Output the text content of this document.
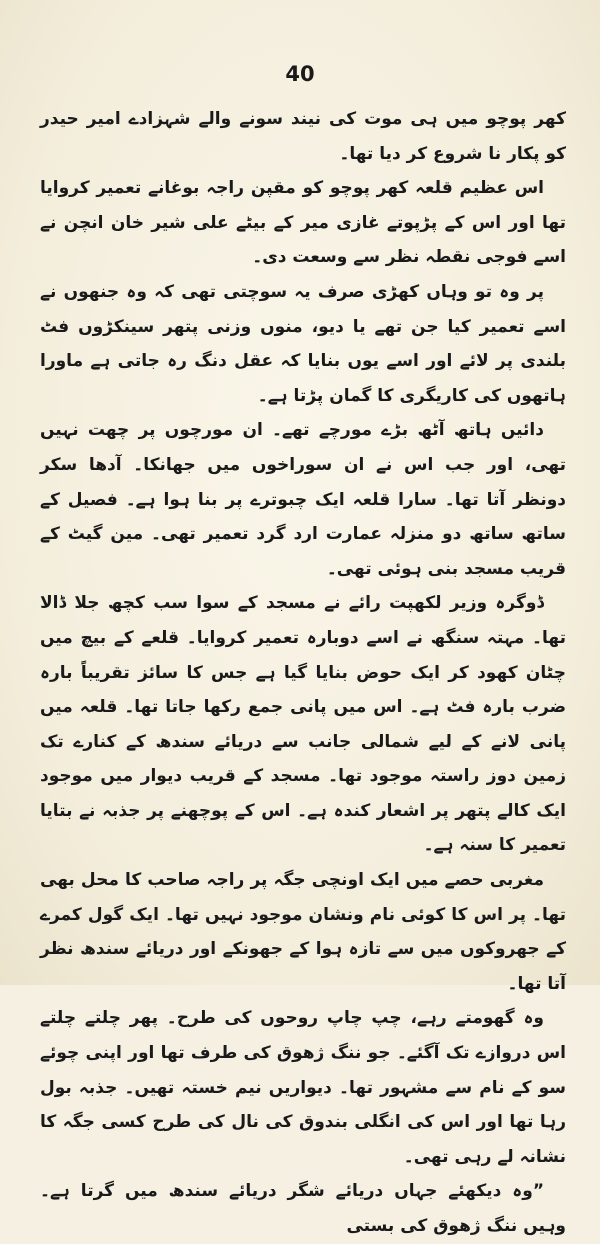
40

کھر پوچو میں ہی موت کی نیند سونے والے شہزادے امیر حیدر کو پکار نا شروع کر دیا تھا۔

اس عظیم قلعہ کھر پوچو کو مقپن راجہ بوغانے تعمیر کروایا تھا اور اس کے پڑپوتے غازی میر کے بیٹے علی شیر خان انچن نے اسے فوجی نقطہ نظر سے وسعت دی۔

پر وہ تو وہاں کھڑی صرف یہ سوچتی تھی کہ وہ جنھوں نے اسے تعمیر کیا جن تھے یا دیو، منوں وزنی پتھر سینکڑوں فٹ بلندی پر لائے اور اسے یوں بنایا کہ عقل دنگ رہ جاتی ہے ماورا ہاتھوں کی کاریگری کا گمان پڑتا ہے۔

دائیں ہاتھ آٹھ بڑے مورچے تھے۔ ان مورچوں پر چھت نہیں تھی، اور جب اس نے ان سوراخوں میں جھانکا۔ آدھا سکر دونظر آتا تھا۔ سارا قلعہ ایک چبوترے پر بنا ہوا ہے۔ فصیل کے ساتھ ساتھ دو منزلہ عمارت ارد گرد تعمیر تھی۔ مین گیٹ کے قریب مسجد بنی ہوئی تھی۔

ڈوگرہ وزیر لکھپت رائے نے مسجد کے سوا سب کچھ جلا ڈالا تھا۔ مہتہ سنگھ نے اسے دوبارہ تعمیر کروایا۔ قلعے کے بیچ میں چٹان کھود کر ایک حوض بنایا گیا ہے جس کا سائز تقریباً بارہ ضرب بارہ فٹ ہے۔ اس میں پانی جمع رکھا جاتا تھا۔ قلعہ میں پانی لانے کے لیے شمالی جانب سے دریائے سندھ کے کنارے تک زمین دوز راستہ موجود تھا۔ مسجد کے قریب دیوار میں موجود ایک کالے پتھر پر اشعار کندہ ہے۔ اس کے پوچھنے پر جذبہ نے بتایا تعمیر کا سنہ ہے۔

مغربی حصے میں ایک اونچی جگہ پر راجہ صاحب کا محل بھی تھا۔ پر اس کا کوئی نام ونشان موجود نہیں تھا۔ ایک گول کمرے کے جھروکوں میں سے تازہ ہوا کے جھونکے اور دریائے سندھ نظر آتا تھا۔

وہ گھومتے رہے، چپ چاپ روحوں کی طرح۔ پھر چلتے چلتے اس دروازے تک آگئے۔ جو ننگ ژھوق کی طرف تھا اور اپنی چوئے سو کے نام سے مشہور تھا۔ دیواریں نیم خستہ تھیں۔ جذبہ بول رہا تھا اور اس کی انگلی بندوق کی نال کی طرح کسی جگہ کا نشانہ لے رہی تھی۔

”وہ دیکھئے جہاں دریائے شگر دریائے سندھ میں گرتا ہے۔ وہیں ننگ ژھوق کی بستی
